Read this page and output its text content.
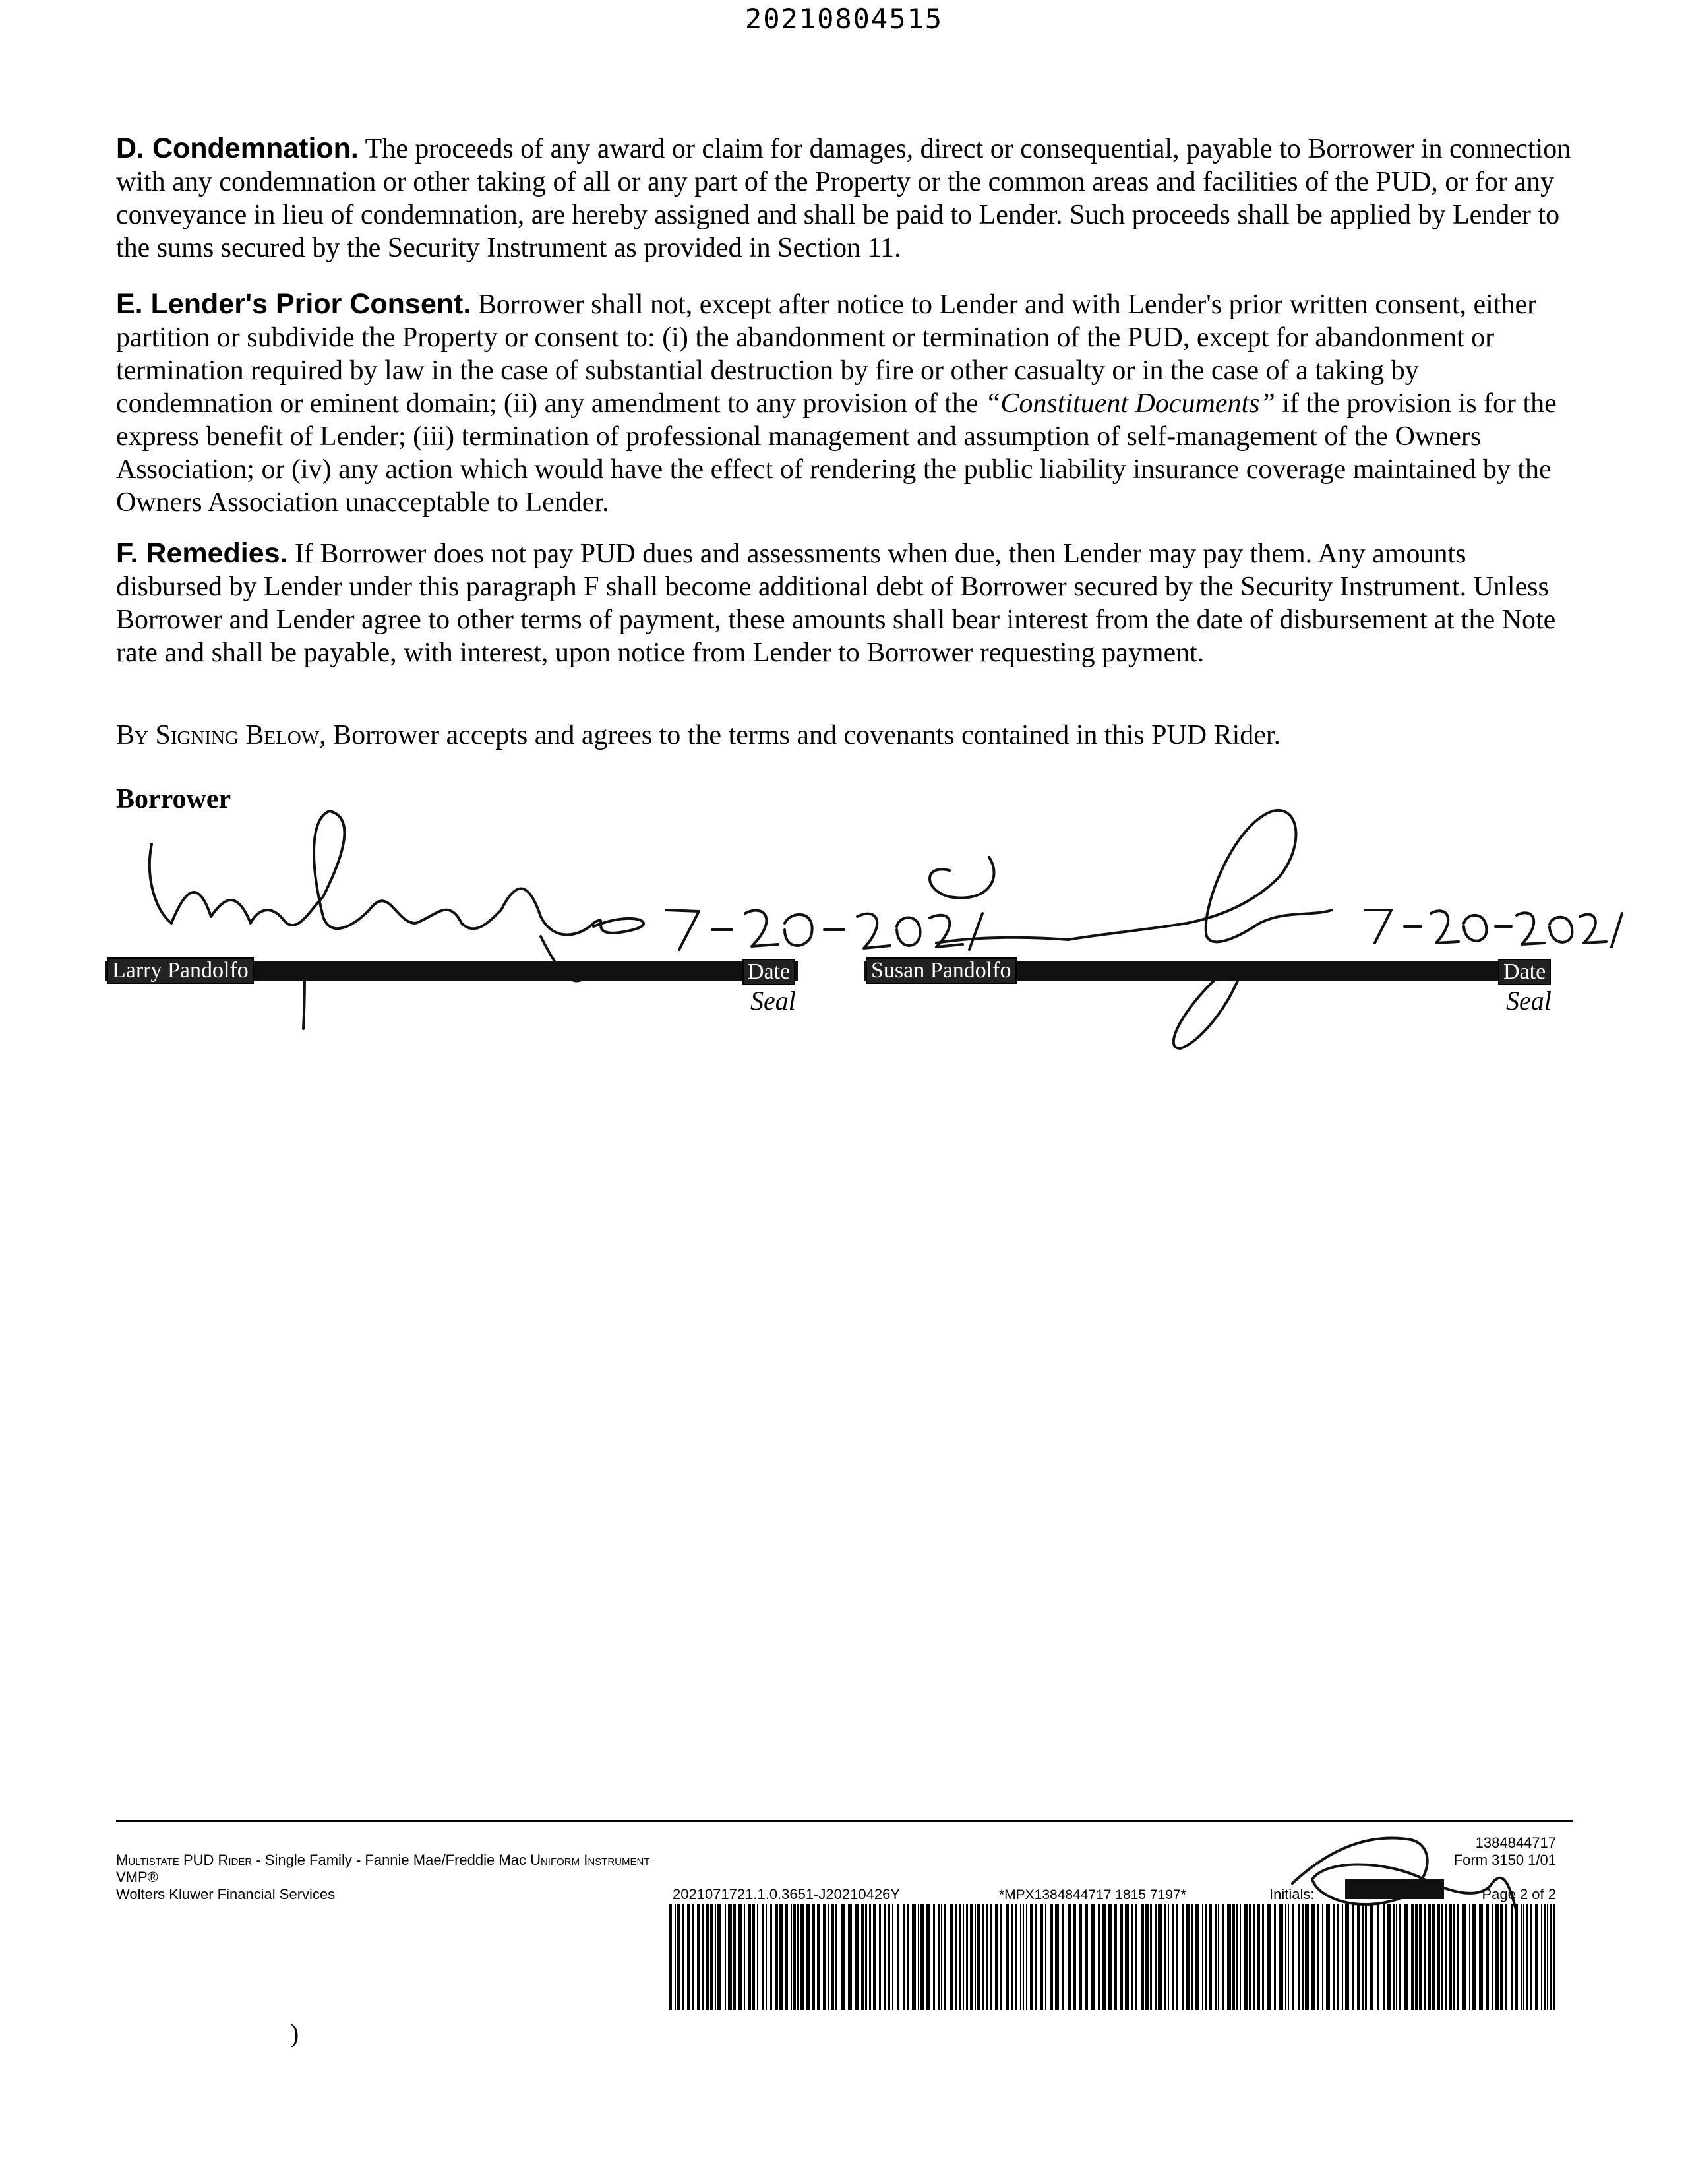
20210804515

D. Condemnation. The proceeds of any award or claim for damages, direct or consequential, payable to Borrower in connection with any condemnation or other taking of all or any part of the Property or the common areas and facilities of the PUD, or for any conveyance in lieu of condemnation, are hereby assigned and shall be paid to Lender. Such proceeds shall be applied by Lender to the sums secured by the Security Instrument as provided in Section 11.

E. Lender's Prior Consent. Borrower shall not, except after notice to Lender and with Lender's prior written consent, either partition or subdivide the Property or consent to: (i) the abandonment or termination of the PUD, except for abandonment or termination required by law in the case of substantial destruction by fire or other casualty or in the case of a taking by condemnation or eminent domain; (ii) any amendment to any provision of the “Constituent Documents” if the provision is for the express benefit of Lender; (iii) termination of professional management and assumption of self-management of the Owners Association; or (iv) any action which would have the effect of rendering the public liability insurance coverage maintained by the Owners Association unacceptable to Lender.

F. Remedies. If Borrower does not pay PUD dues and assessments when due, then Lender may pay them. Any amounts disbursed by Lender under this paragraph F shall become additional debt of Borrower secured by the Security Instrument. Unless Borrower and Lender agree to other terms of payment, these amounts shall bear interest from the date of disbursement at the Note rate and shall be payable, with interest, upon notice from Lender to Borrower requesting payment.

By Signing Below, Borrower accepts and agrees to the terms and covenants contained in this PUD Rider.

Borrower
Larry Pandolfo	Date	Susan Pandolfo	Date
Seal	Seal
Multistate PUD Rider - Single Family - Fannie Mae/Freddie Mac Uniform Instrument
VMP®
Wolters Kluwer Financial Services	2021071721.1.0.3651-J20210426Y
1384844717
Form 3150 1/01
Initials:	Page 2 of 2
*MPX1384844717 1815 7197*
)
